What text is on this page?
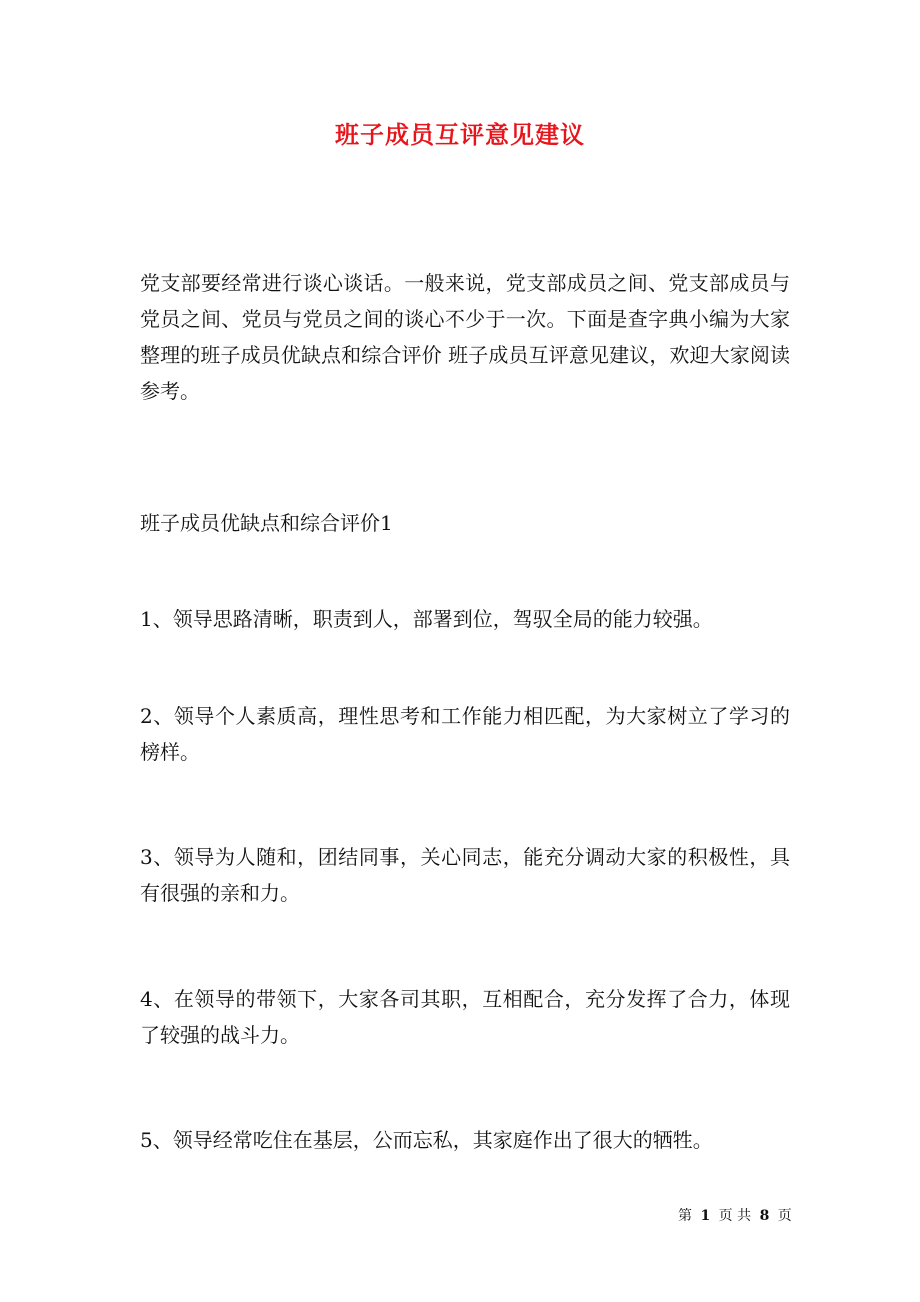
班子成员互评意见建议

党支部要经常进行谈心谈话。一般来说，党支部成员之间、党支部成员与党员之间、党员与党员之间的谈心不少于一次。下面是查字典小编为大家整理的班子成员优缺点和综合评价 班子成员互评意见建议，欢迎大家阅读参考。

班子成员优缺点和综合评价1

1、领导思路清晰，职责到人，部署到位，驾驭全局的能力较强。

2、领导个人素质高，理性思考和工作能力相匹配，为大家树立了学习的榜样。

3、领导为人随和，团结同事，关心同志，能充分调动大家的积极性，具有很强的亲和力。

4、在领导的带领下，大家各司其职，互相配合，充分发挥了合力，体现了较强的战斗力。

5、领导经常吃住在基层，公而忘私，其家庭作出了很大的牺牲。

第 1 页 共 8 页
